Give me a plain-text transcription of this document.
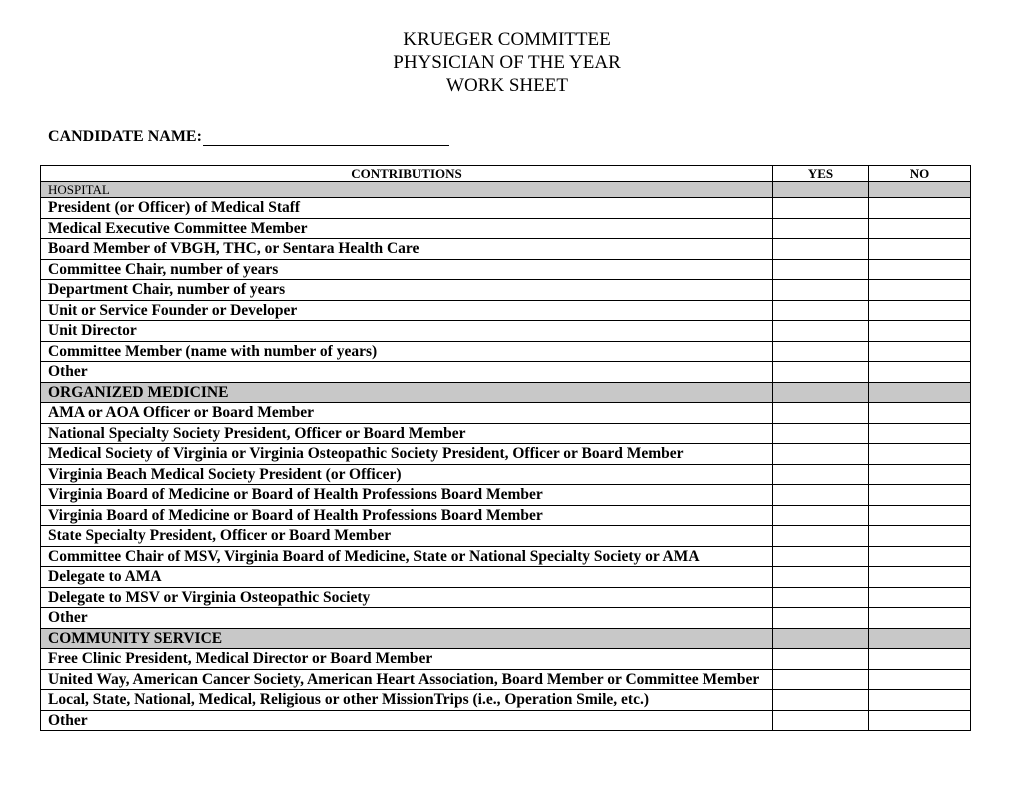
KRUEGER COMMITTEE
PHYSICIAN OF THE YEAR
WORK SHEET
CANDIDATE NAME:
CONTRIBUTIONS	YES	NO
HOSPITAL		
President (or Officer) of Medical Staff		
Medical Executive Committee Member		
Board Member of VBGH, THC, or Sentara Health Care		
Committee Chair, number of years		
Department Chair, number of years		
Unit or Service Founder or Developer		
Unit Director		
Committee Member (name with number of years)		
Other		
ORGANIZED MEDICINE		
AMA or AOA Officer or Board Member		
National Specialty Society President, Officer or Board Member		
Medical Society of Virginia or Virginia Osteopathic Society President, Officer or Board Member		
Virginia Beach Medical Society President (or Officer)		
Virginia Board of Medicine or Board of Health Professions Board Member		
Virginia Board of Medicine or Board of Health Professions Board Member		
State Specialty President, Officer or Board Member		
Committee Chair of MSV, Virginia Board of Medicine, State or National Specialty Society or AMA		
Delegate to AMA		
Delegate to MSV or Virginia Osteopathic Society		
Other		
COMMUNITY SERVICE		
Free Clinic President, Medical Director or Board Member		
United Way, American Cancer Society, American Heart Association, Board Member or Committee Member		
Local, State, National, Medical, Religious or other MissionTrips (i.e., Operation Smile, etc.)		
Other		
